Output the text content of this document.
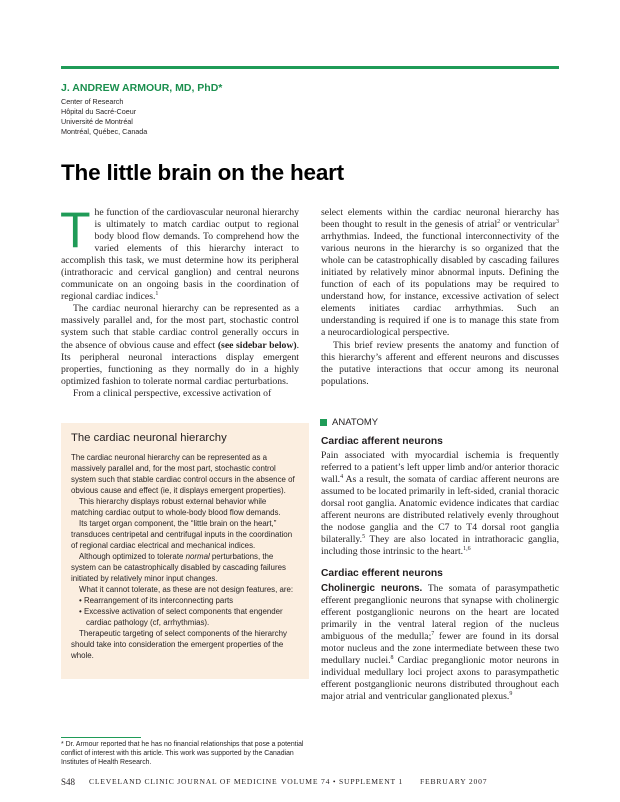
J. ANDREW ARMOUR, MD, PhD*
Center of Research
Hôpital du Sacré-Coeur
Université de Montréal
Montréal, Québec, Canada
The little brain on the heart

T he function of the cardiovascular neuronal hierarchy is ultimately to match cardiac output to regional body blood flow demands. To comprehend how the varied elements of this hierarchy interact to accomplish this task, we must determine how its peripheral (intrathoracic and cervical ganglion) and central neurons communicate on an ongoing basis in the coordination of regional cardiac indices.$^1$

The cardiac neuronal hierarchy can be represented as a massively parallel and, for the most part, stochastic control system such that stable cardiac control generally occurs in the absence of obvious cause and effect (see sidebar below). Its peripheral neuronal interactions display emergent properties, functioning as they normally do in a highly optimized fashion to tolerate normal cardiac perturbations.

From a clinical perspective, excessive activation of

The cardiac neuronal hierarchy

The cardiac neuronal hierarchy can be represented as a massively parallel and, for the most part, stochastic control system such that stable cardiac control occurs in the absence of obvious cause and effect (ie, it displays emergent properties).

This hierarchy displays robust external behavior while matching cardiac output to whole-body blood flow demands.

Its target organ component, the “little brain on the heart,” transduces centripetal and centrifugal inputs in the coordination of regional cardiac electrical and mechanical indices.

Although optimized to tolerate normal perturbations, the system can be catastrophically disabled by cascading failures initiated by relatively minor input changes.

What it cannot tolerate, as these are not design features, are:

• Rearrangement of its interconnecting parts

• Excessive activation of select components that engender cardiac pathology (cf, arrhythmias).

Therapeutic targeting of select components of the hierarchy should take into consideration the emergent properties of the whole.

* Dr. Armour reported that he has no financial relationships that pose a potential conflict of interest with this article. This work was supported by the Canadian Institutes of Health Research.

select elements within the cardiac neuronal hierarchy has been thought to result in the genesis of atrial$^2$ or ventricular$^3$ arrhythmias. Indeed, the functional interconnectivity of the various neurons in the hierarchy is so organized that the whole can be catastrophically disabled by cascading failures initiated by relatively minor abnormal inputs. Defining the function of each of its populations may be required to understand how, for instance, excessive activation of select elements initiates cardiac arrhythmias. Such an understanding is required if one is to manage this state from a neurocardiological perspective.

This brief review presents the anatomy and function of this hierarchy’s afferent and efferent neurons and discusses the putative interactions that occur among its neuronal populations.

ANATOMY
Cardiac afferent neurons

Pain associated with myocardial ischemia is frequently referred to a patient’s left upper limb and/or anterior thoracic wall.$^4$ As a result, the somata of cardiac afferent neurons are assumed to be located primarily in left-sided, cranial thoracic dorsal root ganglia. Anatomic evidence indicates that cardiac afferent neurons are distributed relatively evenly throughout the nodose ganglia and the C7 to T4 dorsal root ganglia bilaterally.$^5$ They are also located in intrathoracic ganglia, including those intrinsic to the heart.$^{1,6}$

Cardiac efferent neurons

Cholinergic neurons. The somata of parasympathetic efferent preganglionic neurons that synapse with cholinergic efferent postganglionic neurons on the heart are located primarily in the ventral lateral region of the nucleus ambiguous of the medulla;$^7$ fewer are found in its dorsal motor nucleus and the zone intermediate between these two medullary nuclei.$^8$ Cardiac preganglionic motor neurons in individual medullary loci project axons to parasympathetic efferent postganglionic neurons distributed throughout each major atrial and ventricular ganglionated plexus.$^9$

S48 CLEVELAND CLINIC JOURNAL OF MEDICINE VOLUME 74 • SUPPLEMENT 1 FEBRUARY 2007
